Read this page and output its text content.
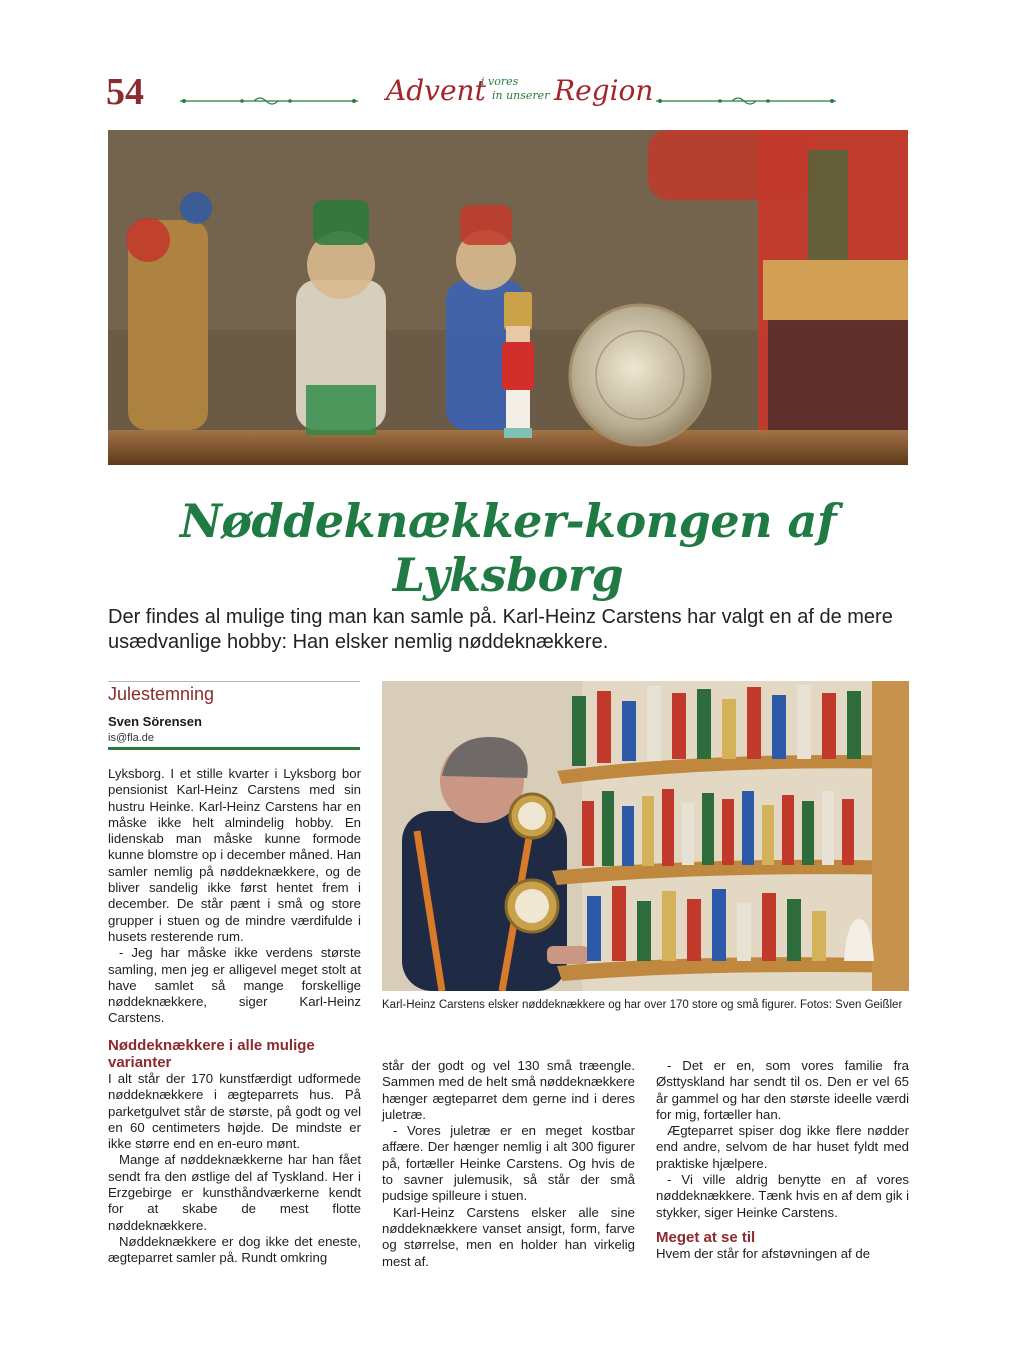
54	Advent
i vores
in unserer Region
Nøddeknækker-kongen af Lyksborg
Der findes al mulige ting man kan samle på. Karl-Heinz Carstens har valgt en af de mere usædvanlige hobby: Han elsker nemlig nøddeknækkere.
Julestemning
Sven Sörensen
is@fla.de

Lyksborg. I et stille kvarter i Lyksborg bor pensionist Karl-Heinz Carstens med sin hustru Heinke. Karl-Heinz Carstens har en måske ikke helt almindelig hobby. En lidenskab man måske kunne formode kunne blomstre op i december måned. Han samler nemlig på nøddeknækkere, og de bliver sandelig ikke først hentet frem i december. De står pænt i små og store grupper i stuen og de mindre værdifulde i husets resterende rum.

- Jeg har måske ikke verdens største samling, men jeg er alligevel meget stolt at have samlet så mange forskellige nøddeknækkere, siger Karl-Heinz Carstens.

Karl-Heinz Carstens elsker nøddeknækkere og har over 170 store og små figurer. Fotos: Sven Geißler
Nøddeknækkere i alle mulige varianter

I alt står der 170 kunstfærdigt udformede nøddeknækkere i ægteparrets hus. På parketgulvet står de største, på godt og vel en 60 centimeters højde. De mindste er ikke større end en en-euro mønt.

Mange af nøddeknækkerne har han fået sendt fra den østlige del af Tyskland. Her i Erzgebirge er kunsthåndværkerne kendt for at skabe de mest flotte nøddeknækkere.

Nøddeknækkere er dog ikke det eneste, ægteparret samler på. Rundt omkring

står der godt og vel 130 små træengle. Sammen med de helt små nøddeknækkere hænger ægteparret dem gerne ind i deres juletræ.

- Vores juletræ er en meget kostbar affære. Der hænger nemlig i alt 300 figurer på, fortæller Heinke Carstens. Og hvis de to savner julemusik, så står der små pudsige spilleure i stuen.

Karl-Heinz Carstens elsker alle sine nøddeknækkere vanset ansigt, form, farve og størrelse, men en holder han virkelig mest af.

- Det er en, som vores familie fra Østtyskland har sendt til os. Den er vel 65 år gammel og har den største ideelle værdi for mig, fortæller han.

Ægteparret spiser dog ikke flere nødder end andre, selvom de har huset fyldt med praktiske hjælpere.

- Vi ville aldrig benytte en af vores nøddeknækkere. Tænk hvis en af dem gik i stykker, siger Heinke Carstens.

Meget at se til

Hvem der står for afstøvningen af de
